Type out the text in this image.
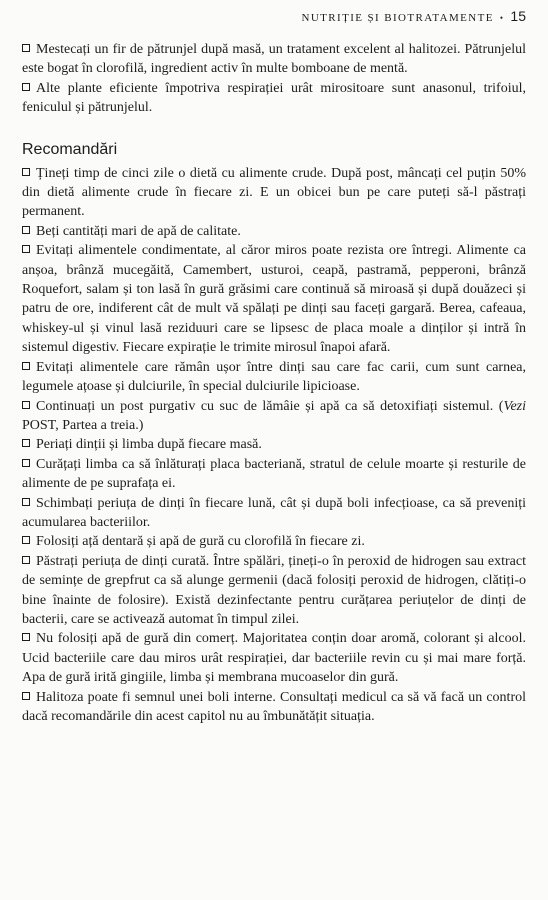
NUTRIȚIE ȘI BIOTRATAMENTE • 15

Mestecați un fir de pătrunjel după masă, un tratament excelent al halitozei. Pătrunjelul este bogat în clorofilă, ingredient activ în multe bomboane de mentă.

Alte plante eficiente împotriva respirației urât mirositoare sunt anasonul, trifoiul, feniculul și pătrunjelul.

Recomandări

Țineți timp de cinci zile o dietă cu alimente crude. După post, mâncați cel puțin 50% din dietă alimente crude în fiecare zi. E un obicei bun pe care puteți să-l păstrați permanent.

Beți cantități mari de apă de calitate.

Evitați alimentele condimentate, al căror miros poate rezista ore întregi. Alimente ca anșoa, brânză mucegăită, Camembert, usturoi, ceapă, pastramă, pepperoni, brânză Roquefort, salam și ton lasă în gură grăsimi care continuă să miroasă și după douăzeci și patru de ore, indiferent cât de mult vă spălați pe dinți sau faceți gargară. Berea, cafeaua, whiskey-ul și vinul lasă reziduuri care se lipsesc de placa moale a dinților și intră în sistemul digestiv. Fiecare expirație le trimite mirosul înapoi afară.

Evitați alimentele care rămân ușor între dinți sau care fac carii, cum sunt carnea, legumele ațoase și dulciurile, în special dulciurile lipicioase.

Continuați un post purgativ cu suc de lămâie și apă ca să detoxifiați sistemul. (Vezi POST, Partea a treia.)

Periați dinții și limba după fiecare masă.

Curățați limba ca să înlăturați placa bacteriană, stratul de celule moarte și resturile de alimente de pe suprafața ei.

Schimbați periuța de dinți în fiecare lună, cât și după boli infecțioase, ca să preveniți acumularea bacteriilor.

Folosiți ață dentară și apă de gură cu clorofilă în fiecare zi.

Păstrați periuța de dinți curată. Între spălări, țineți-o în peroxid de hidrogen sau extract de semințe de grepfrut ca să alunge germenii (dacă folosiți peroxid de hidrogen, clătiți-o bine înainte de folosire). Există dezinfectante pentru curățarea periuțelor de dinți de bacterii, care se activează automat în timpul zilei.

Nu folosiți apă de gură din comerț. Majoritatea conțin doar aromă, colorant și alcool. Ucid bacteriile care dau miros urât respirației, dar bacteriile revin cu și mai mare forță. Apa de gură irită gingiile, limba și membrana mucoaselor din gură.

Halitoza poate fi semnul unei boli interne. Consultați medicul ca să vă facă un control dacă recomandările din acest capitol nu au îmbunătățit situația.
